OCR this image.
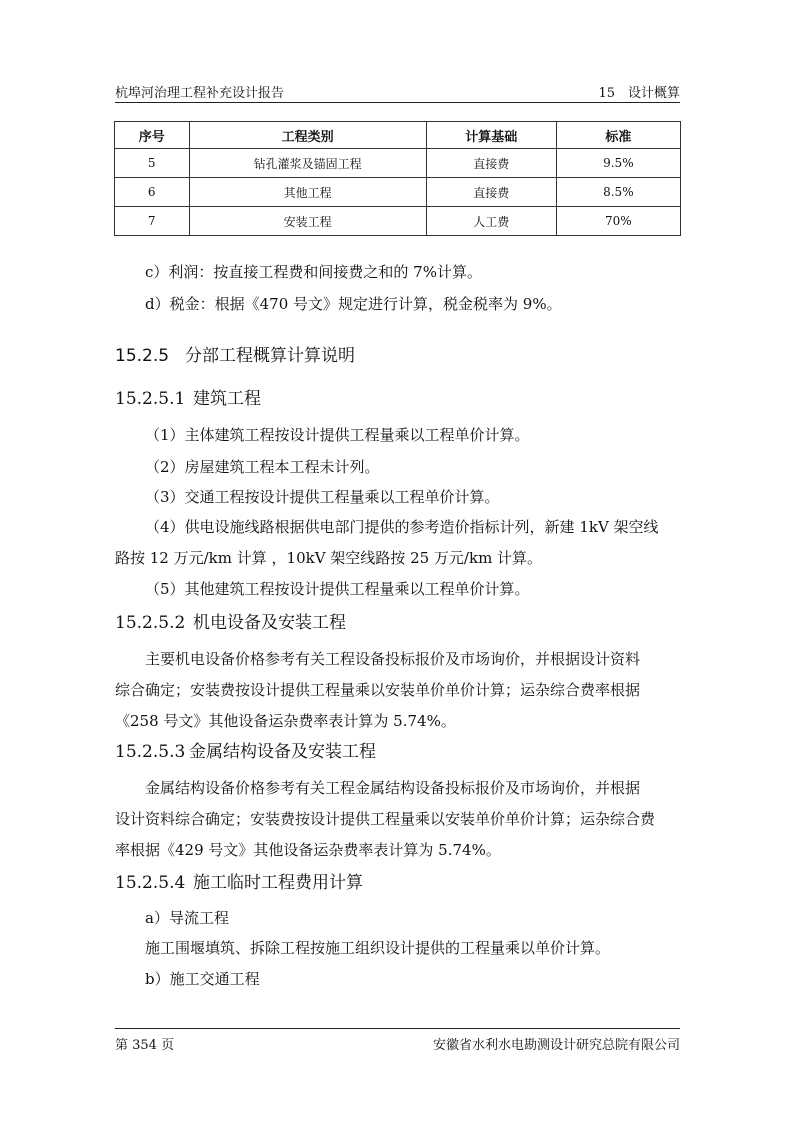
杭埠河治理工程补充设计报告	15　设计概算
序号	工程类别	计算基础	标准
5	钻孔灌浆及锚固工程	直接费	9.5%
6	其他工程	直接费	8.5%
7	安装工程	人工费	70%
c）利润：按直接工程费和间接费之和的 7%计算。
d）税金：根据《470 号文》规定进行计算，税金税率为 9%。
15.2.5 分部工程概算计算说明
15.2.5.1 建筑工程
（1）主体建筑工程按设计提供工程量乘以工程单价计算。
（2）房屋建筑工程本工程未计列。
（3）交通工程按设计提供工程量乘以工程单价计算。
（4）供电设施线路根据供电部门提供的参考造价指标计列，新建 1kV 架空线
路按 12 万元/km 计算 ，10kV 架空线路按 25 万元/km 计算。
（5）其他建筑工程按设计提供工程量乘以工程单价计算。
15.2.5.2 机电设备及安装工程
主要机电设备价格参考有关工程设备投标报价及市场询价，并根据设计资料
综合确定；安装费按设计提供工程量乘以安装单价单价计算；运杂综合费率根据
《258 号文》其他设备运杂费率表计算为 5.74%。
15.2.5.3 金属结构设备及安装工程
金属结构设备价格参考有关工程金属结构设备投标报价及市场询价，并根据
设计资料综合确定；安装费按设计提供工程量乘以安装单价单价计算；运杂综合费
率根据《429 号文》其他设备运杂费率表计算为 5.74%。
15.2.5.4 施工临时工程费用计算
a）导流工程
施工围堰填筑、拆除工程按施工组织设计提供的工程量乘以单价计算。
b）施工交通工程
第 354 页	安徽省水利水电勘测设计研究总院有限公司
